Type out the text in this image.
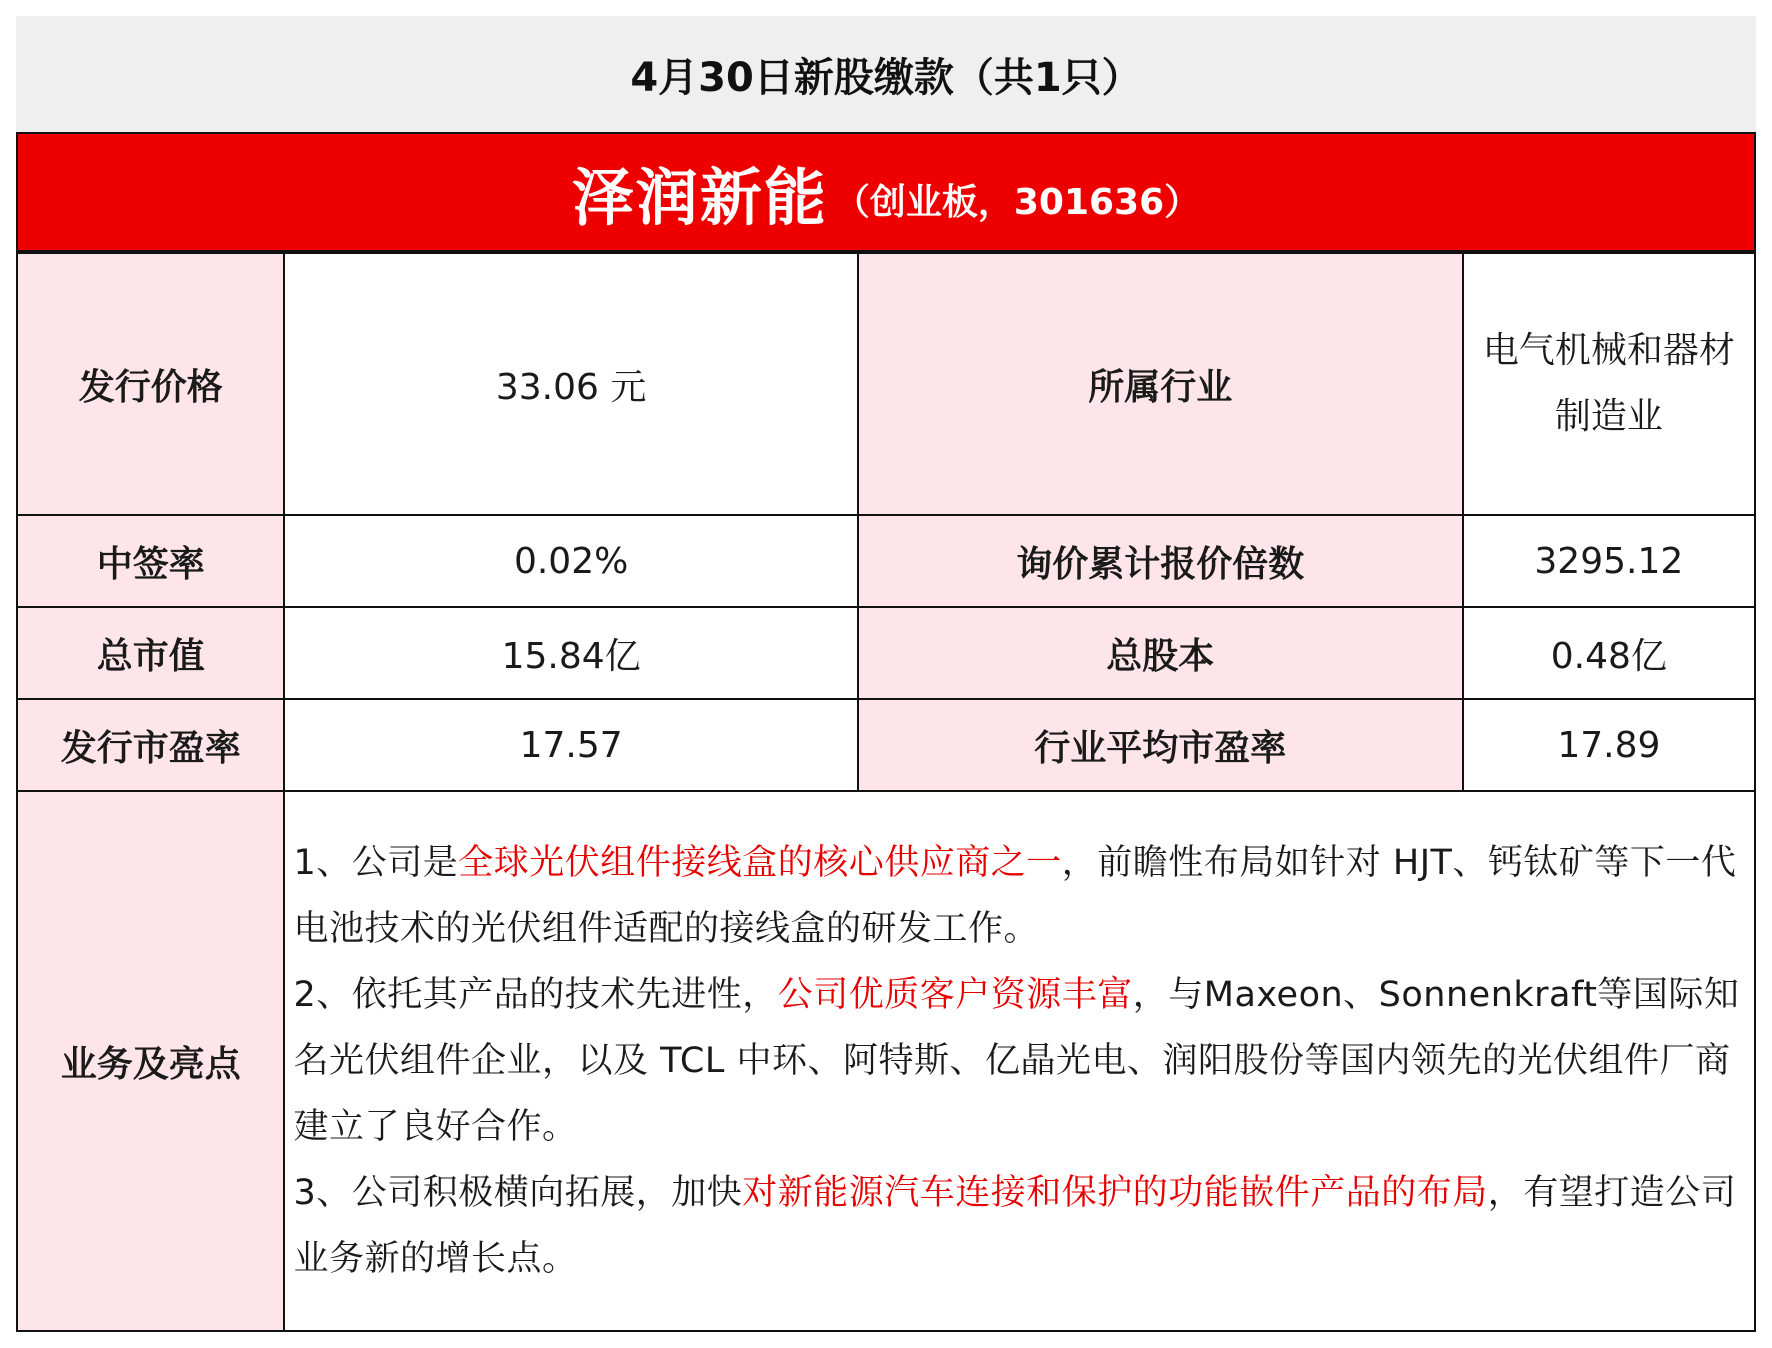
4月30日新股缴款（共1只）
泽润新能 （创业板，301636）
发行价格	33.06 元	所属行业	电气机械和器材
制造业

中签率	0.02%	询价累计报价倍数	3295.12
总市值	15.84亿	总股本	0.48亿
发行市盈率	17.57	行业平均市盈率	17.89
业务及亮点	1、公司是全球光伏组件接线盒的核心供应商之一，前瞻性布局如针对 HJT、钙钛矿等下一代电池技术的光伏组件适配的接线盒的研发工作。
2、依托其产品的技术先进性，公司优质客户资源丰富，与Maxeon、Sonnenkraft等国际知名光伏组件企业，以及 TCL 中环、阿特斯、亿晶光电、润阳股份等国内领先的光伏组件厂商建立了良好合作。
3、公司积极横向拓展，加快对新能源汽车连接和保护的功能嵌件产品的布局，有望打造公司业务新的增长点。		
